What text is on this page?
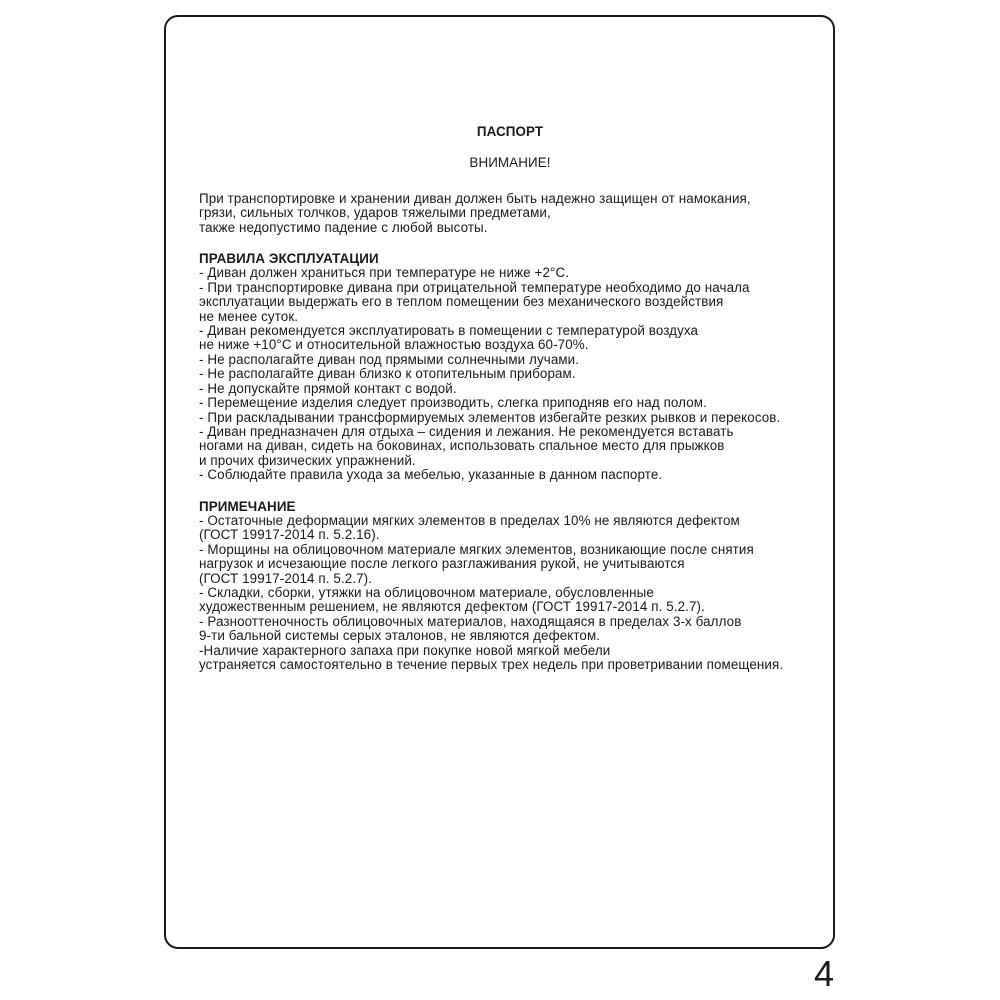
ПАСПОРТ

ВНИМАНИЕ!

При транспортировке и хранении диван должен быть надежно защищен от намокания,
грязи, сильных толчков, ударов тяжелыми предметами,
также недопустимо падение с любой высоты.

ПРАВИЛА ЭКСПЛУАТАЦИИ

- Диван должен храниться при температуре не ниже +2°С.

- При транспортировке дивана при отрицательной температуре необходимо до начала
эксплуатации выдержать его в теплом помещении без механического воздействия
не менее суток.

- Диван рекомендуется эксплуатировать в помещении с температурой воздуха
не ниже +10°С и относительной влажностью воздуха 60-70%.

- Не располагайте диван под прямыми солнечными лучами.

- Не располагайте диван близко к отопительным приборам.

- Не допускайте прямой контакт с водой.

- Перемещение изделия следует производить, слегка приподняв его над полом.

- При раскладывании трансформируемых элементов избегайте резких рывков и перекосов.

- Диван предназначен для отдыха – сидения и лежания. Не рекомендуется вставать
ногами на диван, сидеть на боковинах, использовать спальное место для прыжков
и прочих физических упражнений.

- Соблюдайте правила ухода за мебелью, указанные в данном паспорте.

ПРИМЕЧАНИЕ

- Остаточные деформации мягких элементов в пределах 10% не являются дефектом
(ГОСТ 19917-2014 п. 5.2.16).

- Морщины на облицовочном материале мягких элементов, возникающие после снятия
нагрузок и исчезающие после легкого разглаживания рукой, не учитываются
(ГОСТ 19917-2014 п. 5.2.7).

- Складки, сборки, утяжки на облицовочном материале, обусловленные
художественным решением, не являются дефектом (ГОСТ 19917-2014 п. 5.2.7).

- Разнооттеночность облицовочных материалов, находящаяся в пределах 3-х баллов
9-ти бальной системы серых эталонов, не являются дефектом.

-Наличие характерного запаха при покупке новой мягкой мебели
устраняется самостоятельно в течение первых трех недель при проветривании помещения.

4
